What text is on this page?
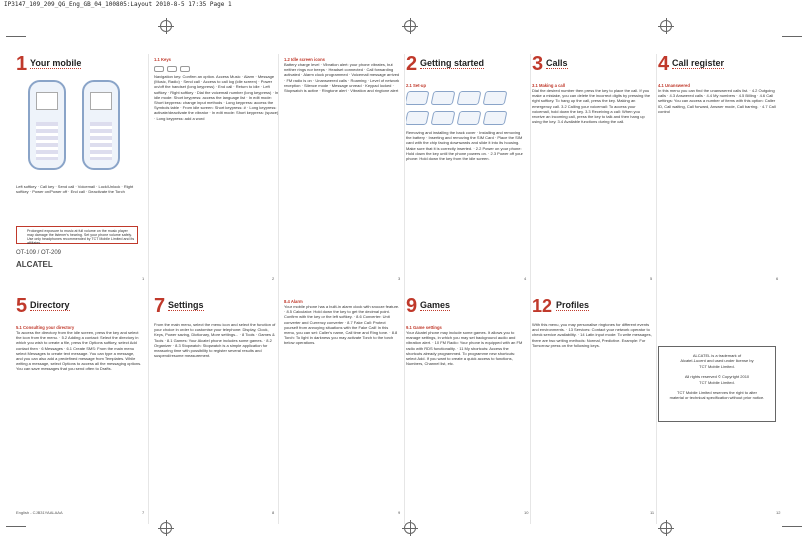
IP3147_109_209_QG_Eng_GB_04_100805:Layout 2010-8-5 17:35 Page 1
1 Your mobile
Left softkey · Call key · Send call · Voicemail · Lock/Unlock · Right softkey · Power on/Power off · End call · Deactivate the Torch
Prolonged exposure to music at full volume on the music player may damage the listener's hearing. Set your phone volume safely. Use only headphones recommended by TCT Mobile Limited and its affiliates.
1
OT-109 / OT-209
ALCATEL
1.1 Keys
Navigation key: Confirm an option. Access Music · Alarm · Message (Music, Radio) · Send call · Access to call log (idle screen) · Power on/off the handset (long keypress) · End call · Return to idle · Left softkey · Right softkey · Dial the voicemail number (long keypress) · In idle mode: Short keypress: access the language list · In edit mode: Short keypress: change input methods · Long keypress: access the Symbols table · From idle screen: Short keypress: # · Long keypress: activate/deactivate the vibrator · In edit mode: Short keypress: (space) · Long keypress: add a word
2
1.2 Idle screen icons
Battery charge level · Vibration alert: your phone vibrates, but neither rings nor beeps · Headset connected · Call forwarding activated · Alarm clock programmed · Voicemail message arrived · FM radio is on · Unanswered calls · Roaming · Level of network reception · Silence mode · Message unread · Keypad locked · Stopwatch is active · Ringtone alert · Vibration and ringtone alert
3
2 Getting started
2.1 Set-up
Removing and installing the back cover · Installing and removing the battery · Inserting and removing the SIM Card · Place the SIM card with the chip facing downwards and slide it into its housing. Make sure that it is correctly inserted. · 2.2 Power on your phone: Hold down the key until the phone powers on. · 2.3 Power off your phone: Hold down the key from the idle screen.
4
3 Calls
3.1 Making a call
Dial the desired number then press the key to place the call. If you make a mistake, you can delete the incorrect digits by pressing the right softkey. To hang up the call, press the key. Making an emergency call. 3.2 Calling your voicemail: To access your voicemail, hold down the key. 3.3 Receiving a call: When you receive an incoming call, press the key to talk and then hang up using the key. 3.4 Available functions during the call.
5
4 Call register
4.1 Unanswered
In this menu you can find the unanswered calls list. · 4.2 Outgoing calls · 4.3 Answered calls · 4.4 My numbers · 4.5 Billing · 4.6 Call settings: You can access a number of items with this option: Caller ID, Call waiting, Call forward, Answer mode, Call barring. · 4.7 Call control
6
5 Directory
5.1 Consulting your directory
To access the directory from the idle screen, press the key and select the icon from the menu. · 5.2 Adding a contact: Select the directory in which you wish to create a file, press the Options softkey, select Add contact then · 6 Messages · 6.1 Create SMS: From the main menu select Messages to create text message. You can type a message, and you can also add a predefined message from Templates. While writing a message, select Options to access all the messaging options. You can save messages that you send often to Drafts.
English - CJB31YAALAAA	7
7 Settings
From the main menu, select the menu icon and select the function of your choice in order to customise your telephone: Display, Clock, Keys, Power saving, Dictionary, More settings... · 8 Tools · Games & Tools · 8.1 Games: Your Alcatel phone includes some games. · 8.2 Organizer · 8.3 Stopwatch: Stopwatch is a simple application for measuring time with possibility to register several results and suspend/resume measurement.
8
8.4 Alarm
Your mobile phone has a built-in alarm clock with snooze feature. · 8.5 Calculator: Hold down the key to get the decimal point. Confirm with the key or the left softkey. · 8.6 Converter: Unit converter and Currency converter · 8.7 Fake Call: Protect yourself from annoying situations with the Fake Call! In this menu, you can set: Caller's name, Call time and Ring tone. · 8.8 Torch: To light in darkness you may activate Torch to the torch below operations.
9
9 Games
9.1 Game settings
Your Alcatel phone may include some games. It allows you to manage settings, in which you may set background audio and vibration alert. · 10 FM Radio: Your phone is equipped with an FM radio with RDS functionality. · 11 My shortcuts: Access the shortcuts already programmed. To programme new shortcuts: select Add. If you want to create a quick access to functions, Numbers, Channel list, etc.
10
12 Profiles
With this menu, you may personalise ringtones for different events and environments. · 13 Services: Contact your network operator to check service availability. · 14 Latin input mode: To write messages, there are two writing methods: Normal, Predictive. Example: For Tomorrow press on the following keys.
11
ALCATEL is a trademark of
Alcatel-Lucent and used under license by
TCT Mobile Limited.
All rights reserved © Copyright 2010
TCT Mobile Limited.
TCT Mobile Limited reserves the right to alter
material or technical specification without prior notice.
12
